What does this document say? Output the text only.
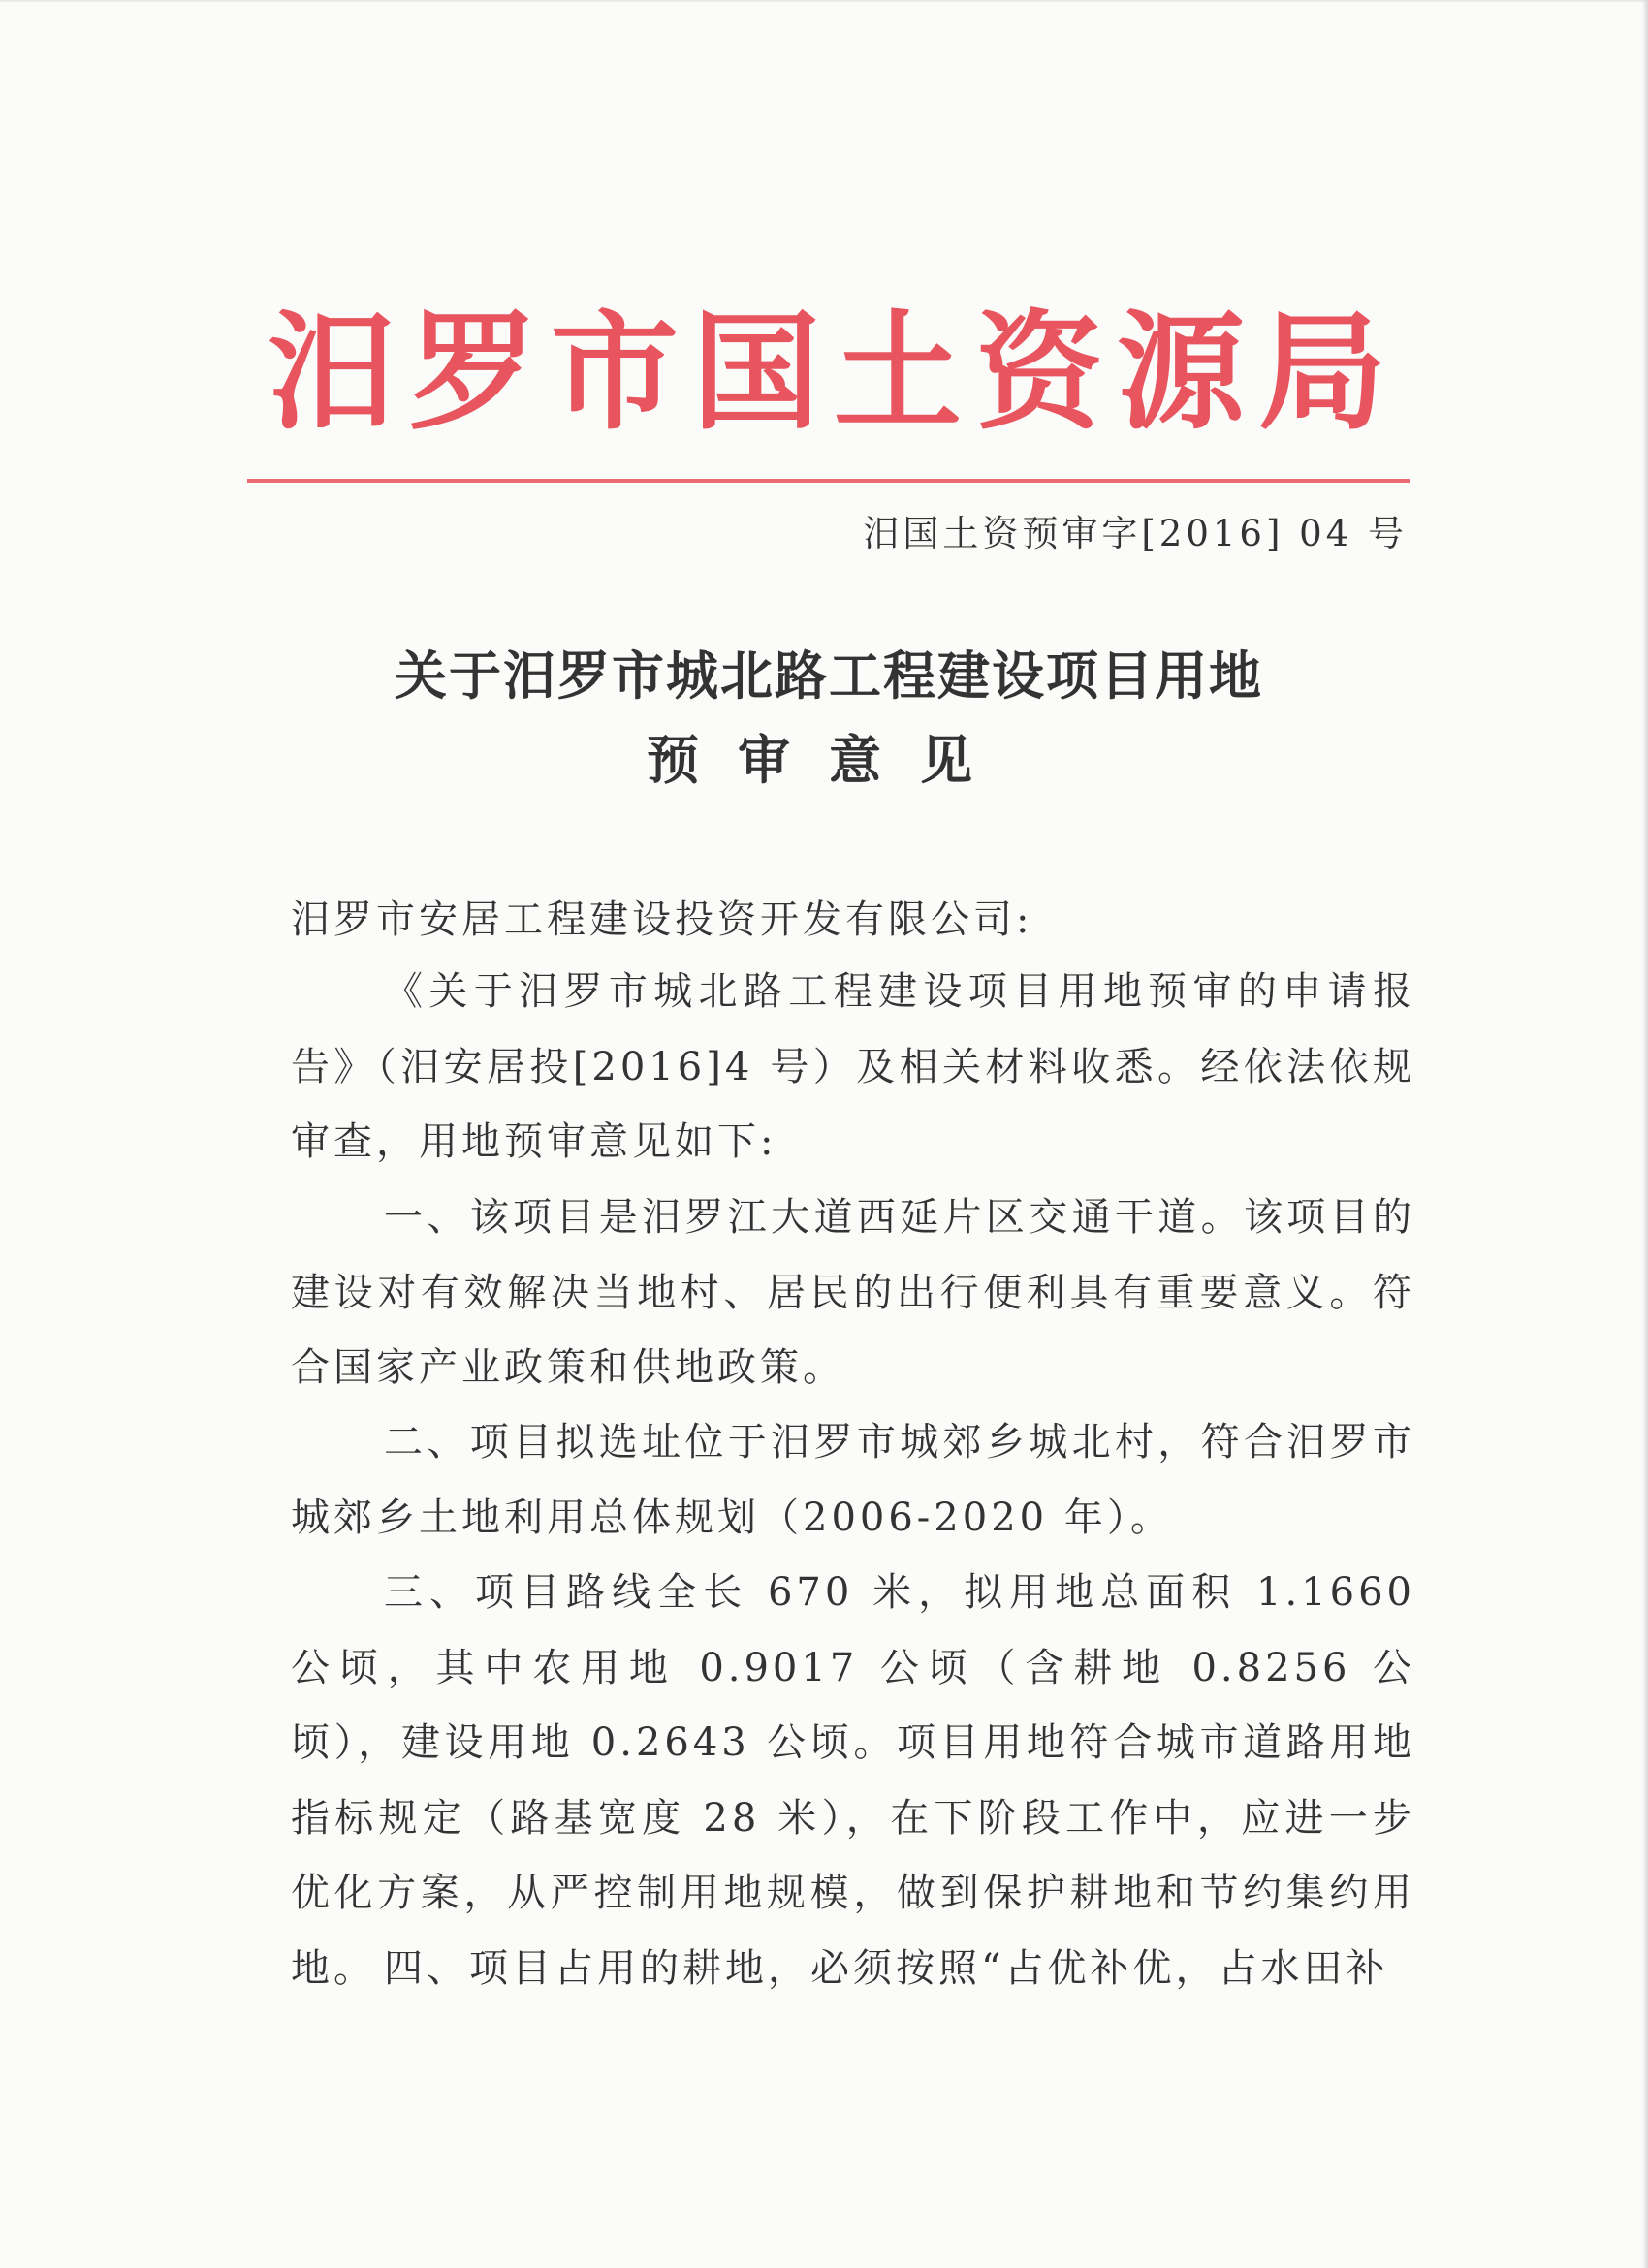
汨罗市国土资源局
汨国土资预审字[2016] 04 号
关于汨罗市城北路工程建设项目用地
预审意见
汨罗市安居工程建设投资开发有限公司:
《关于汨罗市城北路工程建设项目用地预审的申请报告》（汨安居投[2016]4 号）及相关材料收悉。经依法依规审查，用地预审意见如下:
一、该项目是汨罗江大道西延片区交通干道。该项目的建设对有效解决当地村、居民的出行便利具有重要意义。符合国家产业政策和供地政策。
二、项目拟选址位于汨罗市城郊乡城北村，符合汨罗市城郊乡土地利用总体规划（2006-2020 年）。
三、项目路线全长 670 米，拟用地总面积 1.1660 公顷，其中农用地 0.9017 公顷（含耕地 0.8256 公顷），建设用地 0.2643 公顷。项目用地符合城市道路用地指标规定（路基宽度 28 米），在下阶段工作中，应进一步优化方案，从严控制用地规模，做到保护耕地和节约集约用地。 四、项目占用的耕地，必须按照“占优补优，占水田补
